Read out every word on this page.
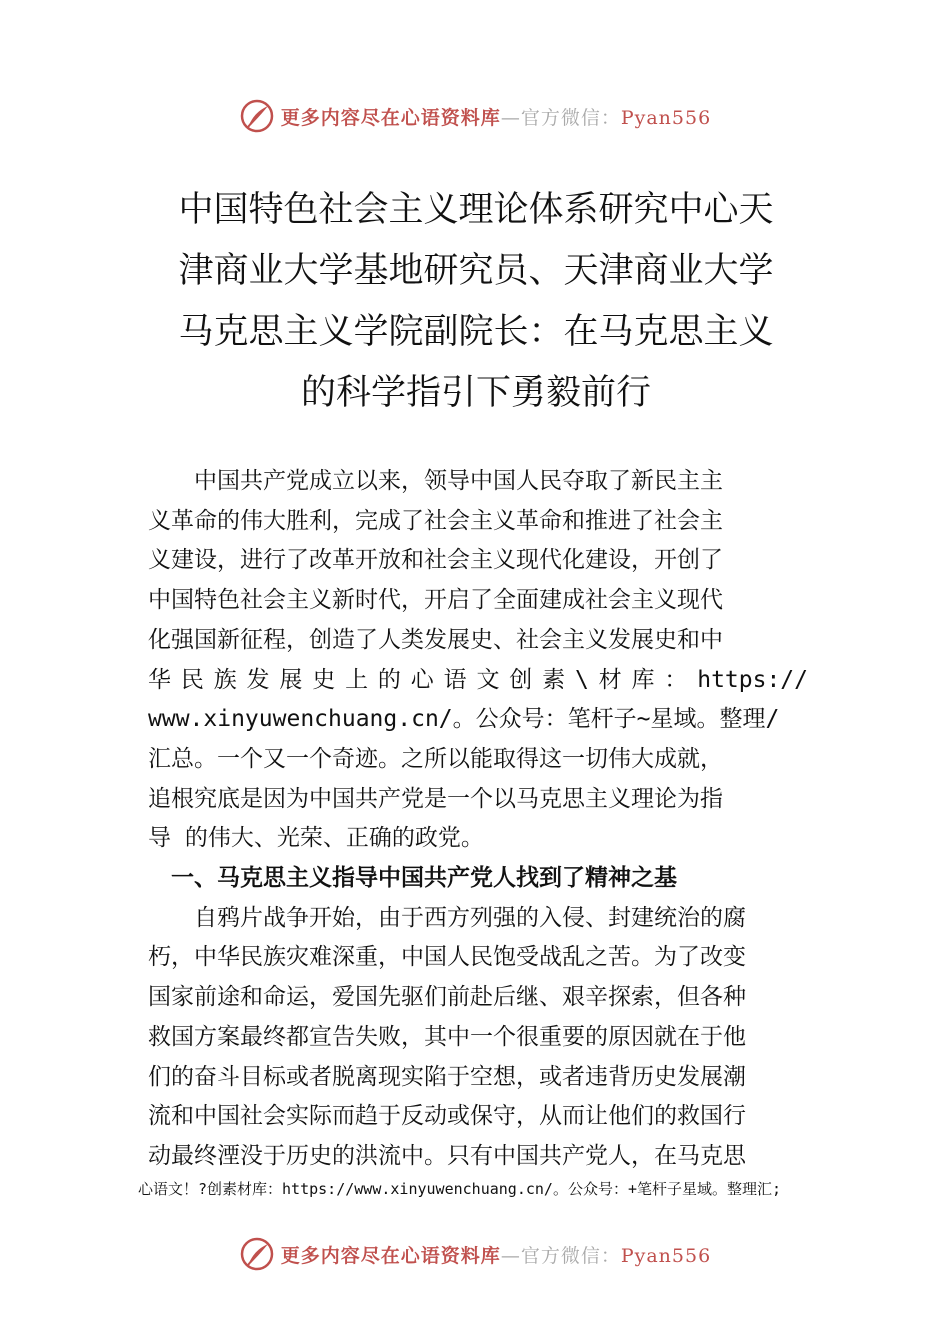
更多内容尽在心语资料库—官方微信：Pyan556
中国特色社会主义理论体系研究中心天
津商业大学基地研究员、天津商业大学
马克思主义学院副院长：在马克思主义
的科学指引下勇毅前行
　　中国共产党成立以来，领导中国人民夺取了新民主主
义革命的伟大胜利，完成了社会主义革命和推进了社会主
义建设，进行了改革开放和社会主义现代化建设，开创了
中国特色社会主义新时代，开启了全面建成社会主义现代
化强国新征程，创造了人类发展史、社会主义发展史和中
华民族发展史上的心语文创素\材库：https://
www.xinyuwenchuang.cn/。公众号：笔杆子~星域。整理/
汇总。一个又一个奇迹。之所以能取得这一切伟大成就，
追根究底是因为中国共产党是一个以马克思主义理论为指
导 的伟大、光荣、正确的政党。
　一、马克思主义指导中国共产党人找到了精神之基
　　自鸦片战争开始，由于西方列强的入侵、封建统治的腐
朽，中华民族灾难深重，中国人民饱受战乱之苦。为了改变
国家前途和命运，爱国先驱们前赴后继、艰辛探索，但各种
救国方案最终都宣告失败，其中一个很重要的原因就在于他
们的奋斗目标或者脱离现实陷于空想，或者违背历史发展潮
流和中国社会实际而趋于反动或保守，从而让他们的救国行
动最终湮没于历史的洪流中。只有中国共产党人，在马克思
心语文！?创素材库：https://www.xinyuwenchuang.cn/。公众号：+笔杆子星域。整理汇;
更多内容尽在心语资料库—官方微信：Pyan556
